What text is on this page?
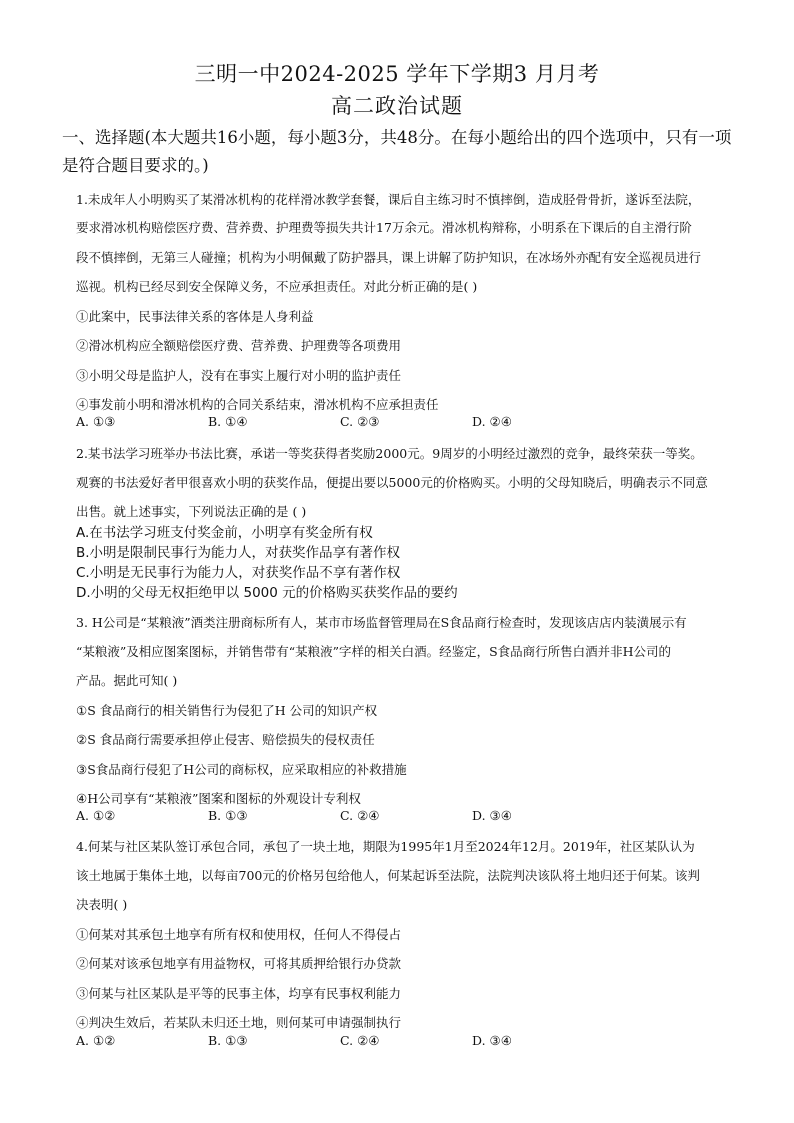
三明一中2024-2025 学年下学期3 月月考
高二政治试题
一、选择题(本大题共16小题，每小题3分，共48分。在每小题给出的四个选项中，只有一项是符合题目要求的。)
1.未成年人小明购买了某滑冰机构的花样滑冰教学套餐，课后自主练习时不慎摔倒，造成胫骨骨折，遂诉至法院，
要求滑冰机构赔偿医疗费、营养费、护理费等损失共计17万余元。滑冰机构辩称，小明系在下课后的自主滑行阶
段不慎摔倒，无第三人碰撞；机构为小明佩戴了防护器具，课上讲解了防护知识，在冰场外亦配有安全巡视员进行
巡视。机构已经尽到安全保障义务，不应承担责任。对此分析正确的是( )
①此案中，民事法律关系的客体是人身利益
②滑冰机构应全额赔偿医疗费、营养费、护理费等各项费用
③小明父母是监护人，没有在事实上履行对小明的监护责任
④事发前小明和滑冰机构的合同关系结束，滑冰机构不应承担责任
A. ①③	B. ①④	C. ②③	D. ②④
2.某书法学习班举办书法比赛，承诺一等奖获得者奖励2000元。9周岁的小明经过激烈的竞争，最终荣获一等奖。
观赛的书法爱好者甲很喜欢小明的获奖作品，便提出要以5000元的价格购买。小明的父母知晓后，明确表示不同意
出售。就上述事实，下列说法正确的是 ( )
A.在书法学习班支付奖金前，小明享有奖金所有权
B.小明是限制民事行为能力人，对获奖作品享有著作权
C.小明是无民事行为能力人，对获奖作品不享有著作权
D.小明的父母无权拒绝甲以 5000 元的价格购买获奖作品的要约
3. H公司是“某粮液”酒类注册商标所有人，某市市场监督管理局在S食品商行检查时，发现该店店内装潢展示有
“某粮液”及相应图案图标，并销售带有“某粮液”字样的相关白酒。经鉴定，S食品商行所售白酒并非H公司的
产品。据此可知( )
①S 食品商行的相关销售行为侵犯了H 公司的知识产权
②S 食品商行需要承担停止侵害、赔偿损失的侵权责任
③S食品商行侵犯了H公司的商标权，应采取相应的补救措施
④H公司享有“某粮液”图案和图标的外观设计专利权
A. ①②	B. ①③	C. ②④	D. ③④
4.何某与社区某队签订承包合同，承包了一块土地，期限为1995年1月至2024年12月。2019年，社区某队认为
该土地属于集体土地，以每亩700元的价格另包给他人，何某起诉至法院，法院判决该队将土地归还于何某。该判
决表明( )
①何某对其承包土地享有所有权和使用权，任何人不得侵占
②何某对该承包地享有用益物权，可将其质押给银行办贷款
③何某与社区某队是平等的民事主体，均享有民事权利能力
④判决生效后，若某队未归还土地，则何某可申请强制执行
A. ①②	B. ①③	C. ②④	D. ③④
